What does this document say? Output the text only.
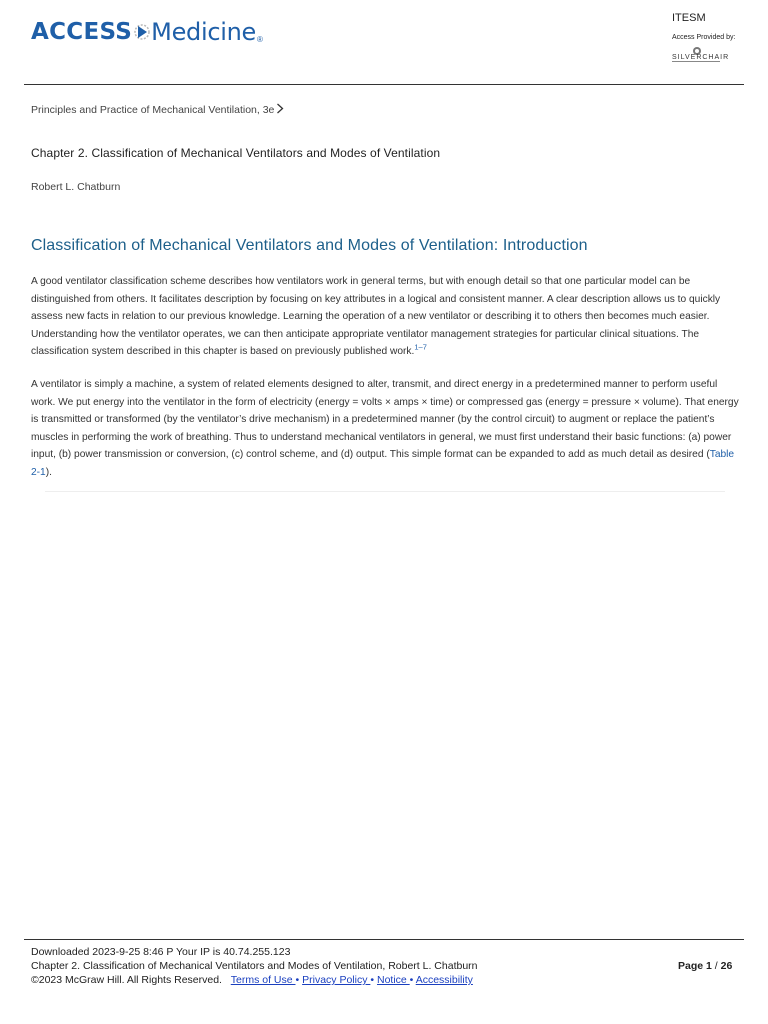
ACCESS Medicine ®
ITESM
Access Provided by:
SILVERCHAIR
Principles and Practice of Mechanical Ventilation, 3e
Chapter 2. Classification of Mechanical Ventilators and Modes of Ventilation
Robert L. Chatburn
Classification of Mechanical Ventilators and Modes of Ventilation: Introduction

A good ventilator classification scheme describes how ventilators work in general terms, but with enough detail so that one particular model can be distinguished from others. It facilitates description by focusing on key attributes in a logical and consistent manner. A clear description allows us to quickly assess new facts in relation to our previous knowledge. Learning the operation of a new ventilator or describing it to others then becomes much easier. Understanding how the ventilator operates, we can then anticipate appropriate ventilator management strategies for particular clinical situations. The classification system described in this chapter is based on previously published work.$^{1-7}$

A ventilator is simply a machine, a system of related elements designed to alter, transmit, and direct energy in a predetermined manner to perform useful work. We put energy into the ventilator in the form of electricity (energy = volts × amps × time) or compressed gas (energy = pressure × volume). That energy is transmitted or transformed (by the ventilator’s drive mechanism) in a predetermined manner (by the control circuit) to augment or replace the patient’s muscles in performing the work of breathing. Thus to understand mechanical ventilators in general, we must first understand their basic functions: (a) power input, (b) power transmission or conversion, (c) control scheme, and (d) output. This simple format can be expanded to add as much detail as desired (Table 2-1).

Downloaded 2023-9-25 8:46 P Your IP is 40.74.255.123
Chapter 2. Classification of Mechanical Ventilators and Modes of Ventilation, Robert L. Chatburn
©2023 McGraw Hill. All Rights Reserved. Terms of Use • Privacy Policy • Notice • Accessibility
Page 1 / 26
